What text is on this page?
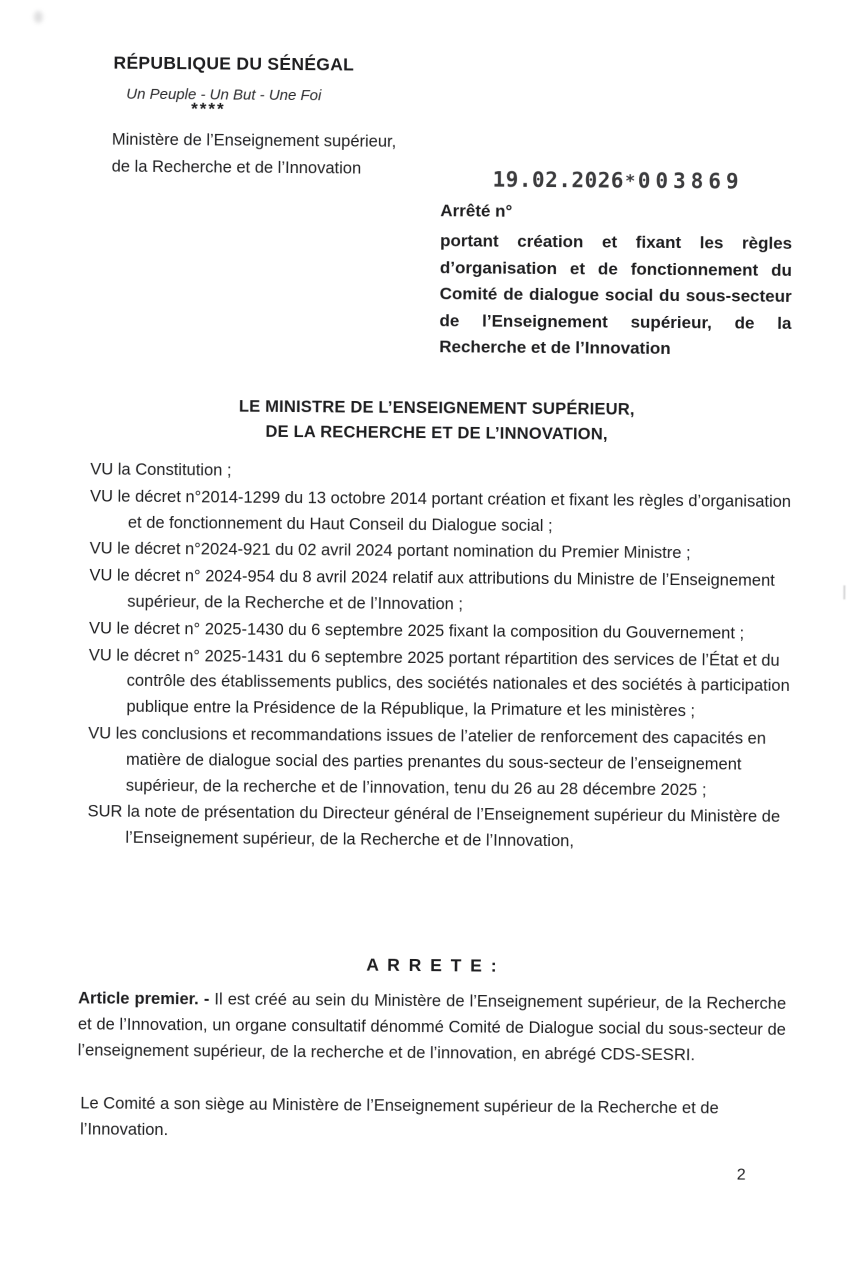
RÉPUBLIQUE DU SÉNÉGAL
Un Peuple - Un But - Une Foi
****
Ministère de l’Enseignement supérieur,
de la Recherche et de l’Innovation
19.02.2026*003869
Arrêté n°
portant création et fixant les règles d’organisation et de fonctionnement du Comité de dialogue social du sous-secteur de l’Enseignement supérieur, de la Recherche et de l’Innovation
LE MINISTRE DE L’ENSEIGNEMENT SUPÉRIEUR,
DE LA RECHERCHE ET DE L’INNOVATION,
VU la Constitution ;
VU le décret n°2014-1299 du 13 octobre 2014 portant création et fixant les règles d’organisation et de fonctionnement du Haut Conseil du Dialogue social ;
VU le décret n°2024-921 du 02 avril 2024 portant nomination du Premier Ministre ;
VU le décret n° 2024-954 du 8 avril 2024 relatif aux attributions du Ministre de l’Enseignement supérieur, de la Recherche et de l’Innovation ;
VU le décret n° 2025-1430 du 6 septembre 2025 fixant la composition du Gouvernement ;
VU le décret n° 2025-1431 du 6 septembre 2025 portant répartition des services de l’État et du contrôle des établissements publics, des sociétés nationales et des sociétés à participation publique entre la Présidence de la République, la Primature et les ministères ;
VU les conclusions et recommandations issues de l’atelier de renforcement des capacités en matière de dialogue social des parties prenantes du sous-secteur de l’enseignement supérieur, de la recherche et de l’innovation, tenu du 26 au 28 décembre 2025 ;
SUR la note de présentation du Directeur général de l’Enseignement supérieur du Ministère de l’Enseignement supérieur, de la Recherche et de l’Innovation,
A R R E T E :
Article premier. - Il est créé au sein du Ministère de l’Enseignement supérieur, de la Recherche et de l’Innovation, un organe consultatif dénommé Comité de Dialogue social du sous-secteur de l’enseignement supérieur, de la recherche et de l’innovation, en abrégé CDS-SESRI.
Le Comité a son siège au Ministère de l’Enseignement supérieur de la Recherche et de l’Innovation.
2
